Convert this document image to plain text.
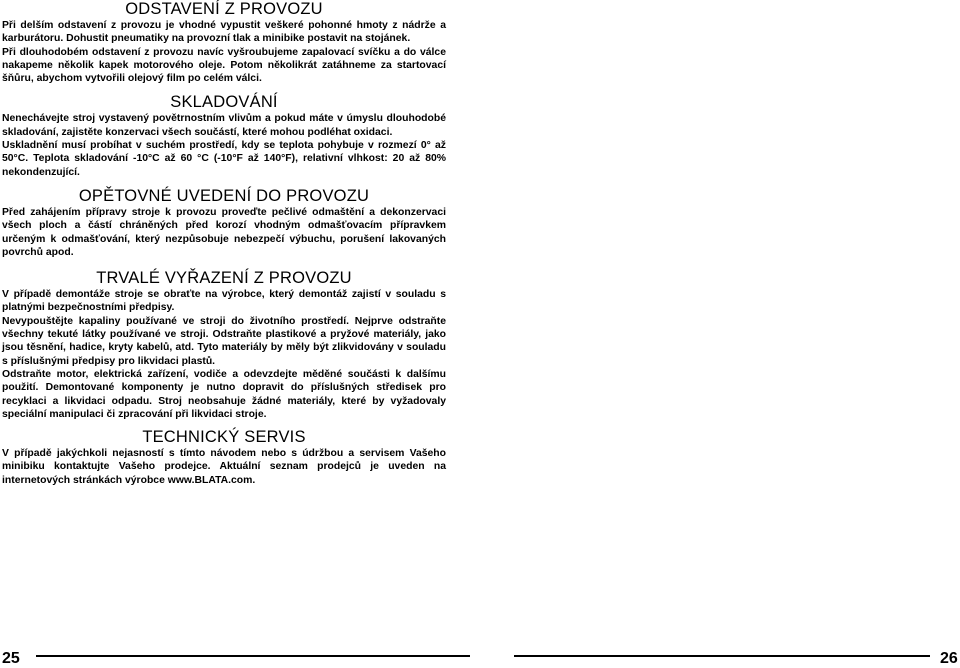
ODSTAVENÍ Z PROVOZU

Při delším odstavení z provozu je vhodné vypustit veškeré pohonné hmoty z nádrže a karburátoru. Dohustit pneumatiky na provozní tlak a minibike postavit na stojánek.

Při dlouhodobém odstavení z provozu navíc vyšroubujeme zapalovací svíčku a do válce nakapeme několik kapek motorového oleje. Potom několikrát zatáhneme za startovací šňůru, abychom vytvořili olejový film po celém válci.

SKLADOVÁNÍ

Nenechávejte stroj vystavený povětrnostním vlivům a pokud máte v úmyslu dlouhodobé skladování, zajistěte konzervaci všech součástí, které mohou podléhat oxidaci.

Uskladnění musí probíhat v suchém prostředí, kdy se teplota pohybuje v rozmezí 0° až 50°C. Teplota skladování -10°C až 60 °C (-10°F až 140°F), relativní vlhkost: 20 až 80% nekondenzující.

OPĚTOVNÉ UVEDENÍ DO PROVOZU

Před zahájením přípravy stroje k provozu proveďte pečlivé odmaštění a dekonzervaci všech ploch a částí chráněných před korozí vhodným odmašťovacím přípravkem určeným k odmašťování, který nezpůsobuje nebezpečí výbuchu, porušení lakovaných povrchů apod.

TRVALÉ VYŘAZENÍ Z PROVOZU

V případě demontáže stroje se obraťte na výrobce, který demontáž zajistí v souladu s platnými bezpečnostními předpisy.

Nevypouštějte kapaliny používané ve stroji do životního prostředí. Nejprve odstraňte všechny tekuté látky používané ve stroji. Odstraňte plastikové a pryžové materiály, jako jsou těsnění, hadice, kryty kabelů, atd. Tyto materiály by měly být zlikvidovány v souladu s příslušnými předpisy pro likvidaci plastů.

Odstraňte motor, elektrická zařízení, vodiče a odevzdejte měděné součásti k dalšímu použití. Demontované komponenty je nutno dopravit do příslušných středisek pro recyklaci a likvidaci odpadu. Stroj neobsahuje žádné materiály, které by vyžadovaly speciální manipulaci či zpracování při likvidaci stroje.

TECHNICKÝ SERVIS

V případě jakýchkoli nejasností s tímto návodem nebo s údržbou a servisem Vašeho minibiku kontaktujte Vašeho prodejce. Aktuální seznam prodejců je uveden na internetových stránkách výrobce www.BLATA.com.

25	26
